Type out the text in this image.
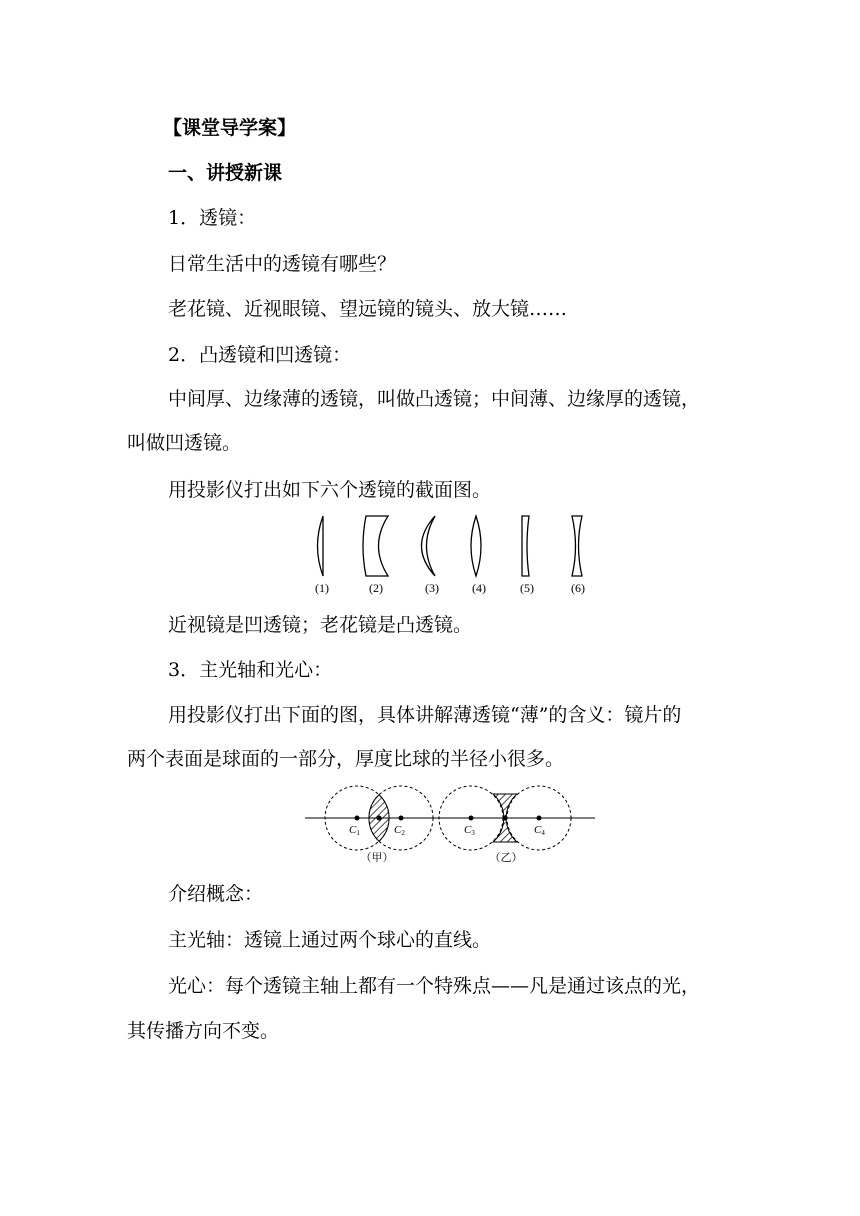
【课堂导学案】
一、讲授新课
1．透镜：
日常生活中的透镜有哪些？
老花镜、近视眼镜、望远镜的镜头、放大镜……
2．凸透镜和凹透镜：
中间厚、边缘薄的透镜，叫做凸透镜；中间薄、边缘厚的透镜，
叫做凹透镜。
用投影仪打出如下六个透镜的截面图。
(1)	(2)	(3)	(4)	(5)	(6)
近视镜是凹透镜；老花镜是凸透镜。
3．主光轴和光心：
用投影仪打出下面的图，具体讲解薄透镜“薄”的含义：镜片的
两个表面是球面的一部分，厚度比球的半径小很多。
C1	C2	C3	C4
（甲）	（乙）
介绍概念：
主光轴：透镜上通过两个球心的直线。
光心：每个透镜主轴上都有一个特殊点——凡是通过该点的光，
其传播方向不变。
